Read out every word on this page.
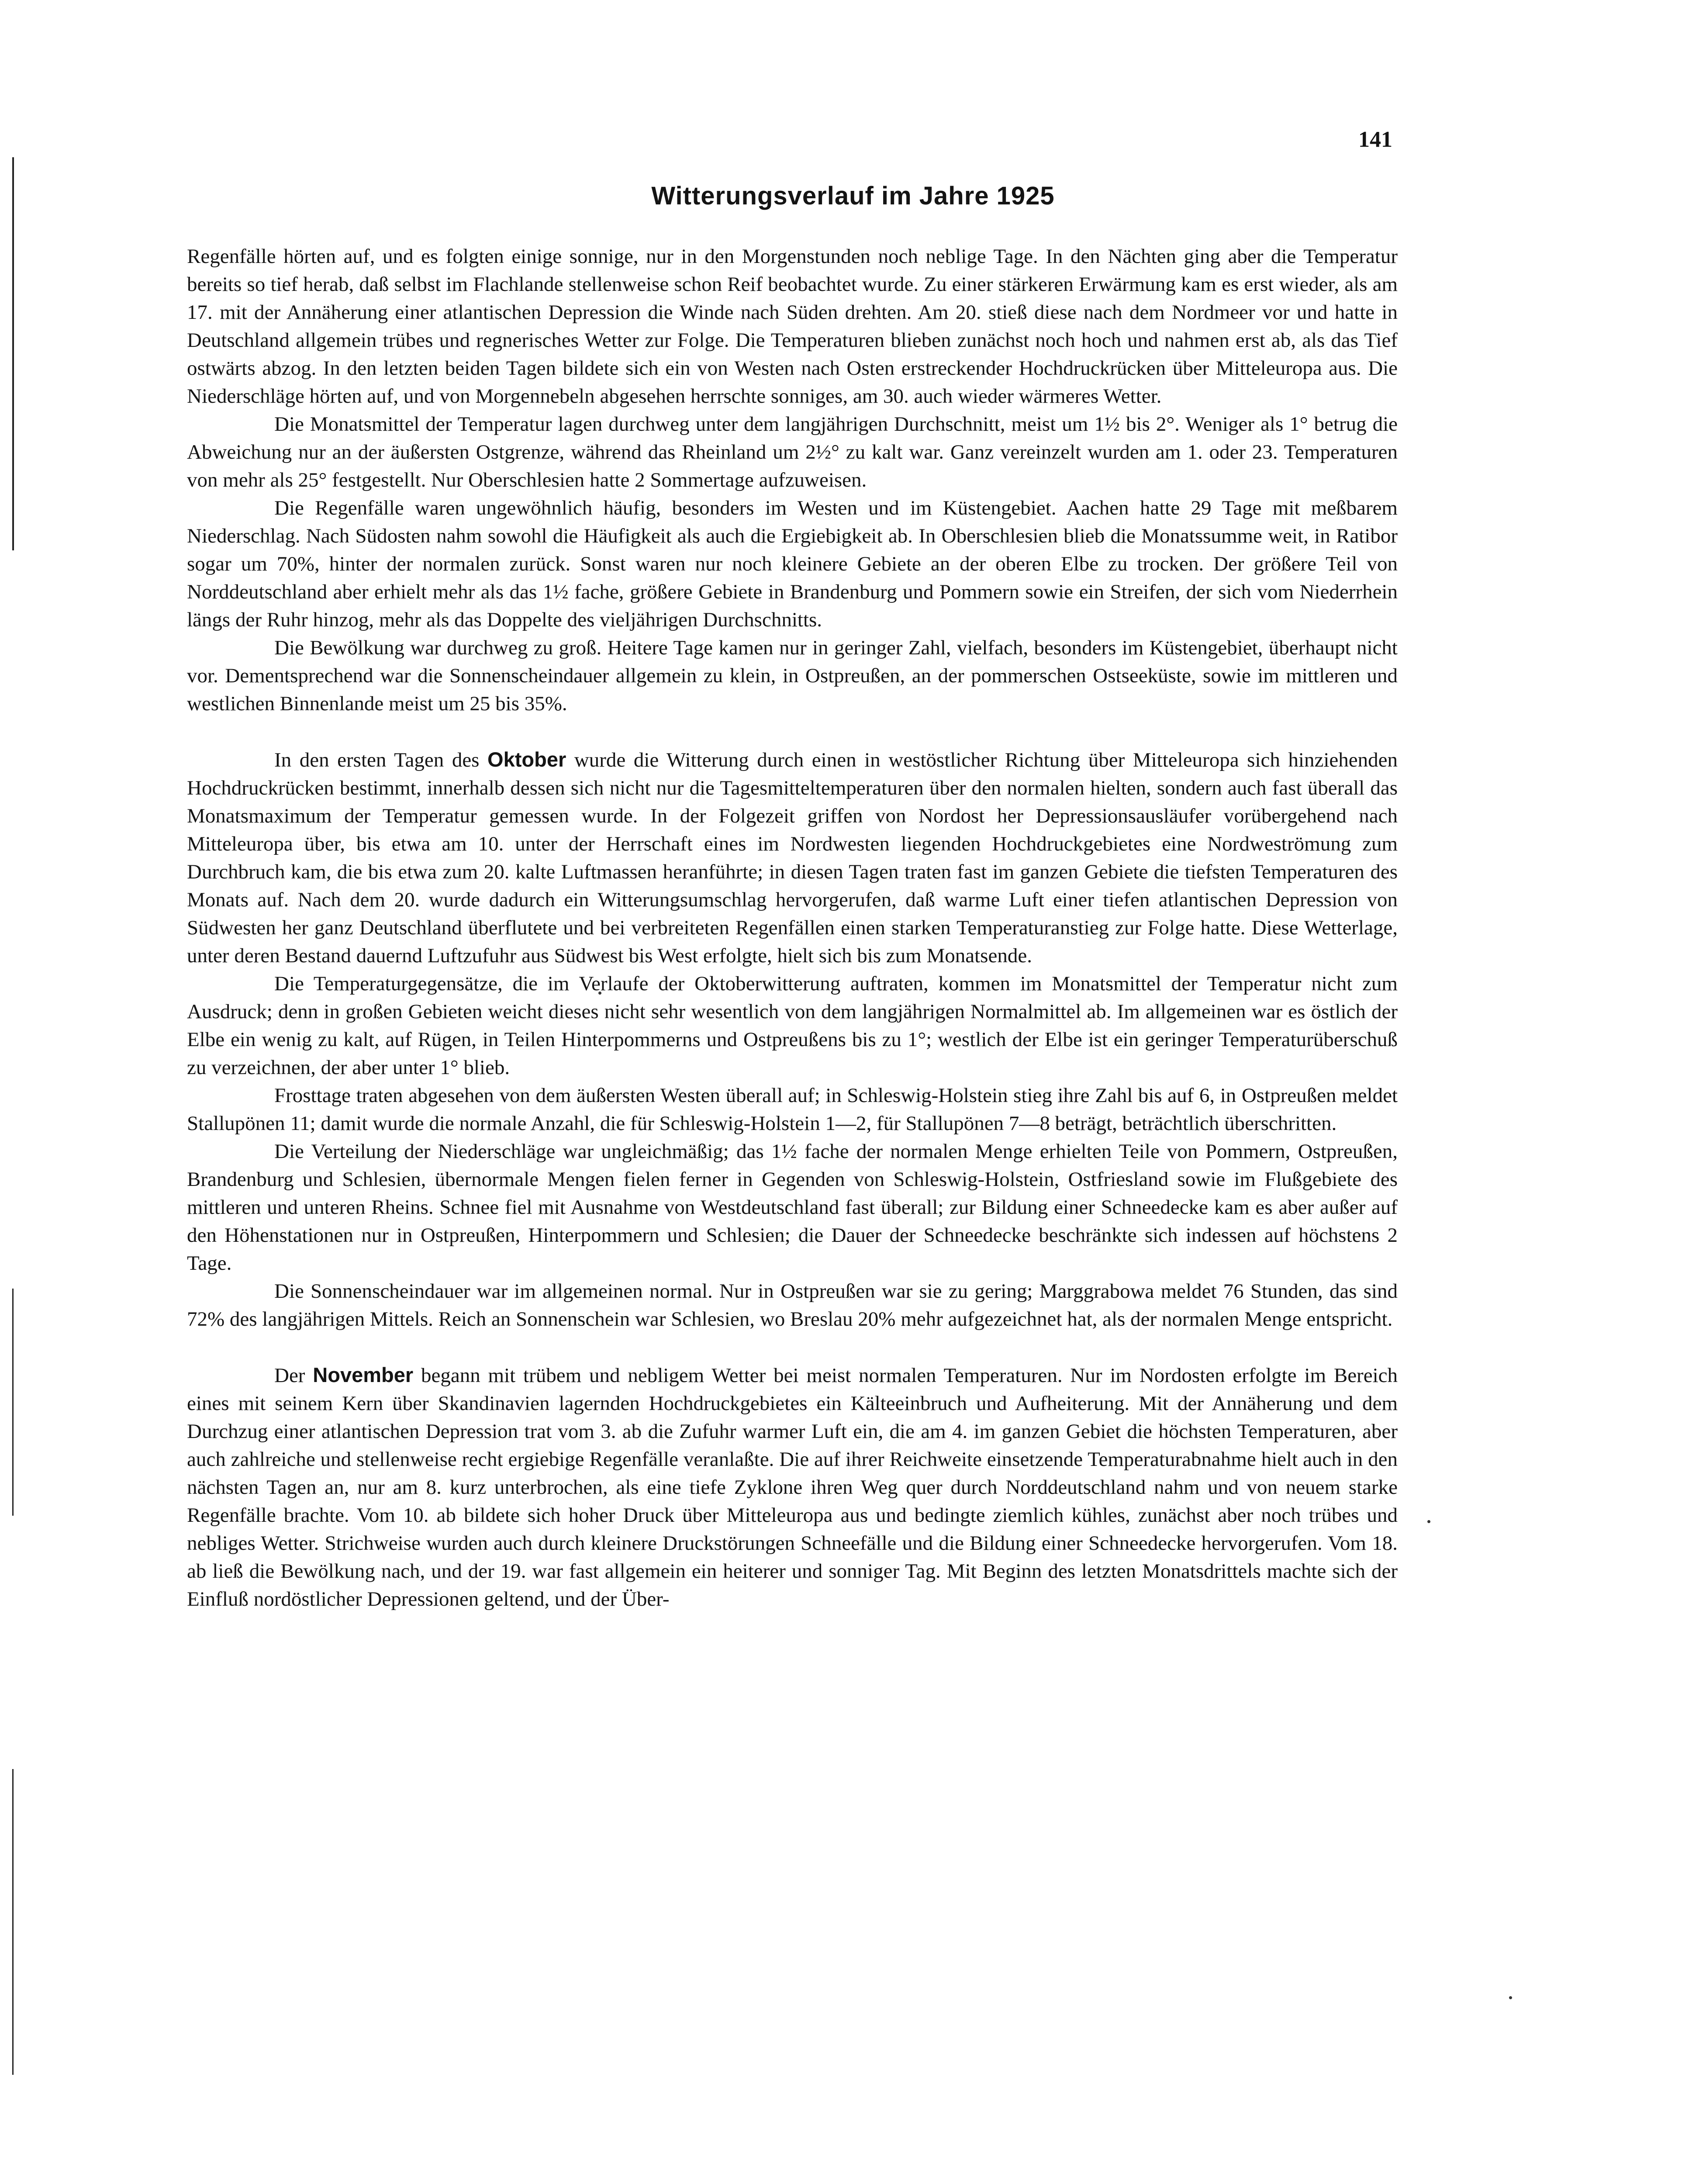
141
Witterungsverlauf im Jahre 1925

Regenfälle hörten auf, und es folgten einige sonnige, nur in den Morgenstunden noch neblige Tage. In den Nächten ging aber die Temperatur bereits so tief herab, daß selbst im Flachlande stellenweise schon Reif beobachtet wurde. Zu einer stärkeren Erwärmung kam es erst wieder, als am 17. mit der Annäherung einer atlantischen Depression die Winde nach Süden drehten. Am 20. stieß diese nach dem Nordmeer vor und hatte in Deutschland allgemein trübes und regnerisches Wetter zur Folge. Die Temperaturen blieben zunächst noch hoch und nahmen erst ab, als das Tief ostwärts abzog. In den letzten beiden Tagen bildete sich ein von Westen nach Osten erstreckender Hochdruckrücken über Mitteleuropa aus. Die Niederschläge hörten auf, und von Morgennebeln abgesehen herrschte sonniges, am 30. auch wieder wärmeres Wetter.

Die Monatsmittel der Temperatur lagen durchweg unter dem langjährigen Durchschnitt, meist um 1½ bis 2°. Weniger als 1° betrug die Abweichung nur an der äußersten Ostgrenze, während das Rheinland um 2½° zu kalt war. Ganz vereinzelt wurden am 1. oder 23. Temperaturen von mehr als 25° festgestellt. Nur Oberschlesien hatte 2 Sommertage aufzuweisen.

Die Regenfälle waren ungewöhnlich häufig, besonders im Westen und im Küstengebiet. Aachen hatte 29 Tage mit meßbarem Niederschlag. Nach Südosten nahm sowohl die Häufigkeit als auch die Ergiebigkeit ab. In Oberschlesien blieb die Monatssumme weit, in Ratibor sogar um 70%, hinter der normalen zurück. Sonst waren nur noch kleinere Gebiete an der oberen Elbe zu trocken. Der größere Teil von Norddeutschland aber erhielt mehr als das 1½ fache, größere Gebiete in Brandenburg und Pommern sowie ein Streifen, der sich vom Niederrhein längs der Ruhr hinzog, mehr als das Doppelte des vieljährigen Durchschnitts.

Die Bewölkung war durchweg zu groß. Heitere Tage kamen nur in geringer Zahl, vielfach, besonders im Küstengebiet, überhaupt nicht vor. Dementsprechend war die Sonnenscheindauer allgemein zu klein, in Ostpreußen, an der pommerschen Ostseeküste, sowie im mittleren und westlichen Binnenlande meist um 25 bis 35%.

In den ersten Tagen des Oktober wurde die Witterung durch einen in westöstlicher Richtung über Mitteleuropa sich hinziehenden Hochdruckrücken bestimmt, innerhalb dessen sich nicht nur die Tagesmitteltemperaturen über den normalen hielten, sondern auch fast überall das Monatsmaximum der Temperatur gemessen wurde. In der Folgezeit griffen von Nordost her Depressionsausläufer vorübergehend nach Mitteleuropa über, bis etwa am 10. unter der Herrschaft eines im Nordwesten liegenden Hochdruckgebietes eine Nordweströmung zum Durchbruch kam, die bis etwa zum 20. kalte Luftmassen heranführte; in diesen Tagen traten fast im ganzen Gebiete die tiefsten Temperaturen des Monats auf. Nach dem 20. wurde dadurch ein Witterungsumschlag hervorgerufen, daß warme Luft einer tiefen atlantischen Depression von Südwesten her ganz Deutschland überflutete und bei verbreiteten Regenfällen einen starken Temperaturanstieg zur Folge hatte. Diese Wetterlage, unter deren Bestand dauernd Luftzufuhr aus Südwest bis West erfolgte, hielt sich bis zum Monatsende.

Die Temperaturgegensätze, die im Verlaufe der Oktoberwitterung auftraten, kommen im Monatsmittel der Temperatur nicht zum Ausdruck; denn in großen Gebieten weicht dieses nicht sehr wesentlich von dem langjährigen Normalmittel ab. Im allgemeinen war es östlich der Elbe ein wenig zu kalt, auf Rügen, in Teilen Hinterpommerns und Ostpreußens bis zu 1°; westlich der Elbe ist ein geringer Temperaturüberschuß zu verzeichnen, der aber unter 1° blieb.

Frosttage traten abgesehen von dem äußersten Westen überall auf; in Schleswig-Holstein stieg ihre Zahl bis auf 6, in Ostpreußen meldet Stallupönen 11; damit wurde die normale Anzahl, die für Schleswig-Holstein 1—2, für Stallupönen 7—8 beträgt, beträchtlich überschritten.

Die Verteilung der Niederschläge war ungleichmäßig; das 1½ fache der normalen Menge erhielten Teile von Pommern, Ostpreußen, Brandenburg und Schlesien, übernormale Mengen fielen ferner in Gegenden von Schleswig-Holstein, Ostfriesland sowie im Flußgebiete des mittleren und unteren Rheins. Schnee fiel mit Ausnahme von Westdeutschland fast überall; zur Bildung einer Schneedecke kam es aber außer auf den Höhenstationen nur in Ostpreußen, Hinterpommern und Schlesien; die Dauer der Schneedecke beschränkte sich indessen auf höchstens 2 Tage.

Die Sonnenscheindauer war im allgemeinen normal. Nur in Ostpreußen war sie zu gering; Marggrabowa meldet 76 Stunden, das sind 72% des langjährigen Mittels. Reich an Sonnenschein war Schlesien, wo Breslau 20% mehr aufgezeichnet hat, als der normalen Menge entspricht.

Der November begann mit trübem und nebligem Wetter bei meist normalen Temperaturen. Nur im Nordosten erfolgte im Bereich eines mit seinem Kern über Skandinavien lagernden Hochdruckgebietes ein Kälteeinbruch und Aufheiterung. Mit der Annäherung und dem Durchzug einer atlantischen Depression trat vom 3. ab die Zufuhr warmer Luft ein, die am 4. im ganzen Gebiet die höchsten Temperaturen, aber auch zahlreiche und stellenweise recht ergiebige Regenfälle veranlaßte. Die auf ihrer Reichweite einsetzende Temperaturabnahme hielt auch in den nächsten Tagen an, nur am 8. kurz unterbrochen, als eine tiefe Zyklone ihren Weg quer durch Norddeutschland nahm und von neuem starke Regenfälle brachte. Vom 10. ab bildete sich hoher Druck über Mitteleuropa aus und bedingte ziemlich kühles, zunächst aber noch trübes und nebliges Wetter. Strichweise wurden auch durch kleinere Druckstörungen Schneefälle und die Bildung einer Schneedecke hervorgerufen. Vom 18. ab ließ die Bewölkung nach, und der 19. war fast allgemein ein heiterer und sonniger Tag. Mit Beginn des letzten Monatsdrittels machte sich der Einfluß nordöstlicher Depressionen geltend, und der Über-
